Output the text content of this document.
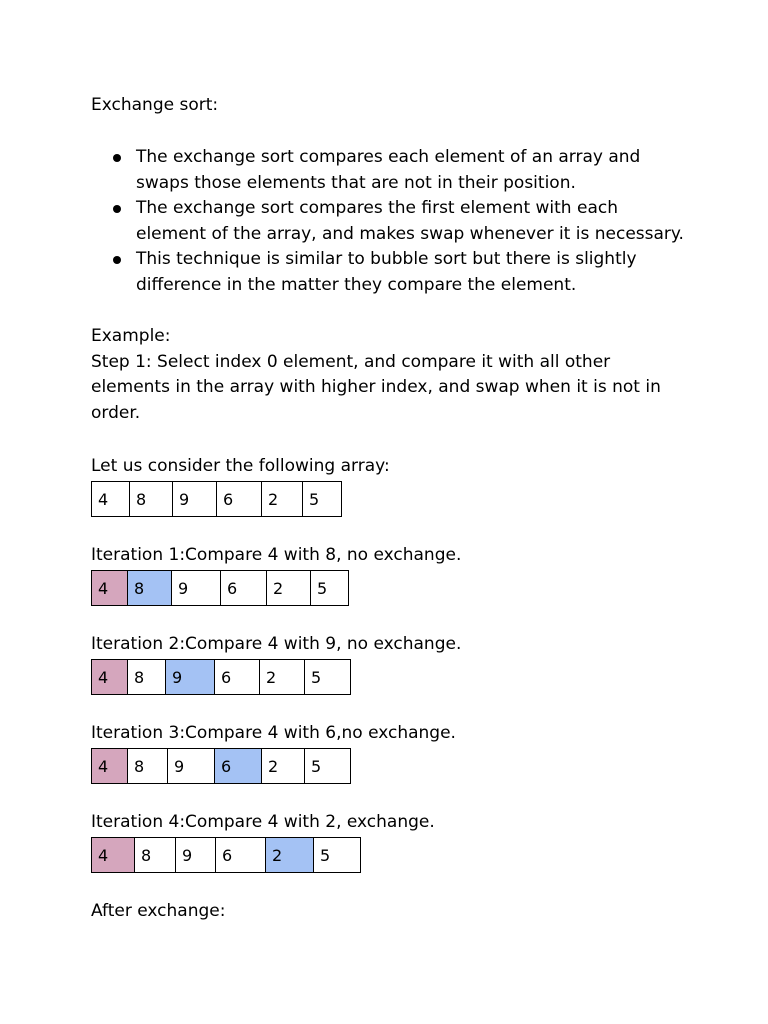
Exchange sort:
The exchange sort compares each element of an array and
swaps those elements that are not in their position.
The exchange sort compares the first element with each
element of the array, and makes swap whenever it is necessary.
This technique is similar to bubble sort but there is slightly
difference in the matter they compare the element.
Example:
Step 1: Select index 0 element, and compare it with all other
elements in the array with higher index, and swap when it is not in
order.
Let us consider the following array:
4	8	9	6	2	5
Iteration 1:Compare 4 with 8, no exchange.
4	8	9	6	2	5
Iteration 2:Compare 4 with 9, no exchange.
4	8	9	6	2	5
Iteration 3:Compare 4 with 6,no exchange.
4	8	9	6	2	5
Iteration 4:Compare 4 with 2, exchange.
4	8	9	6	2	5
After exchange:
